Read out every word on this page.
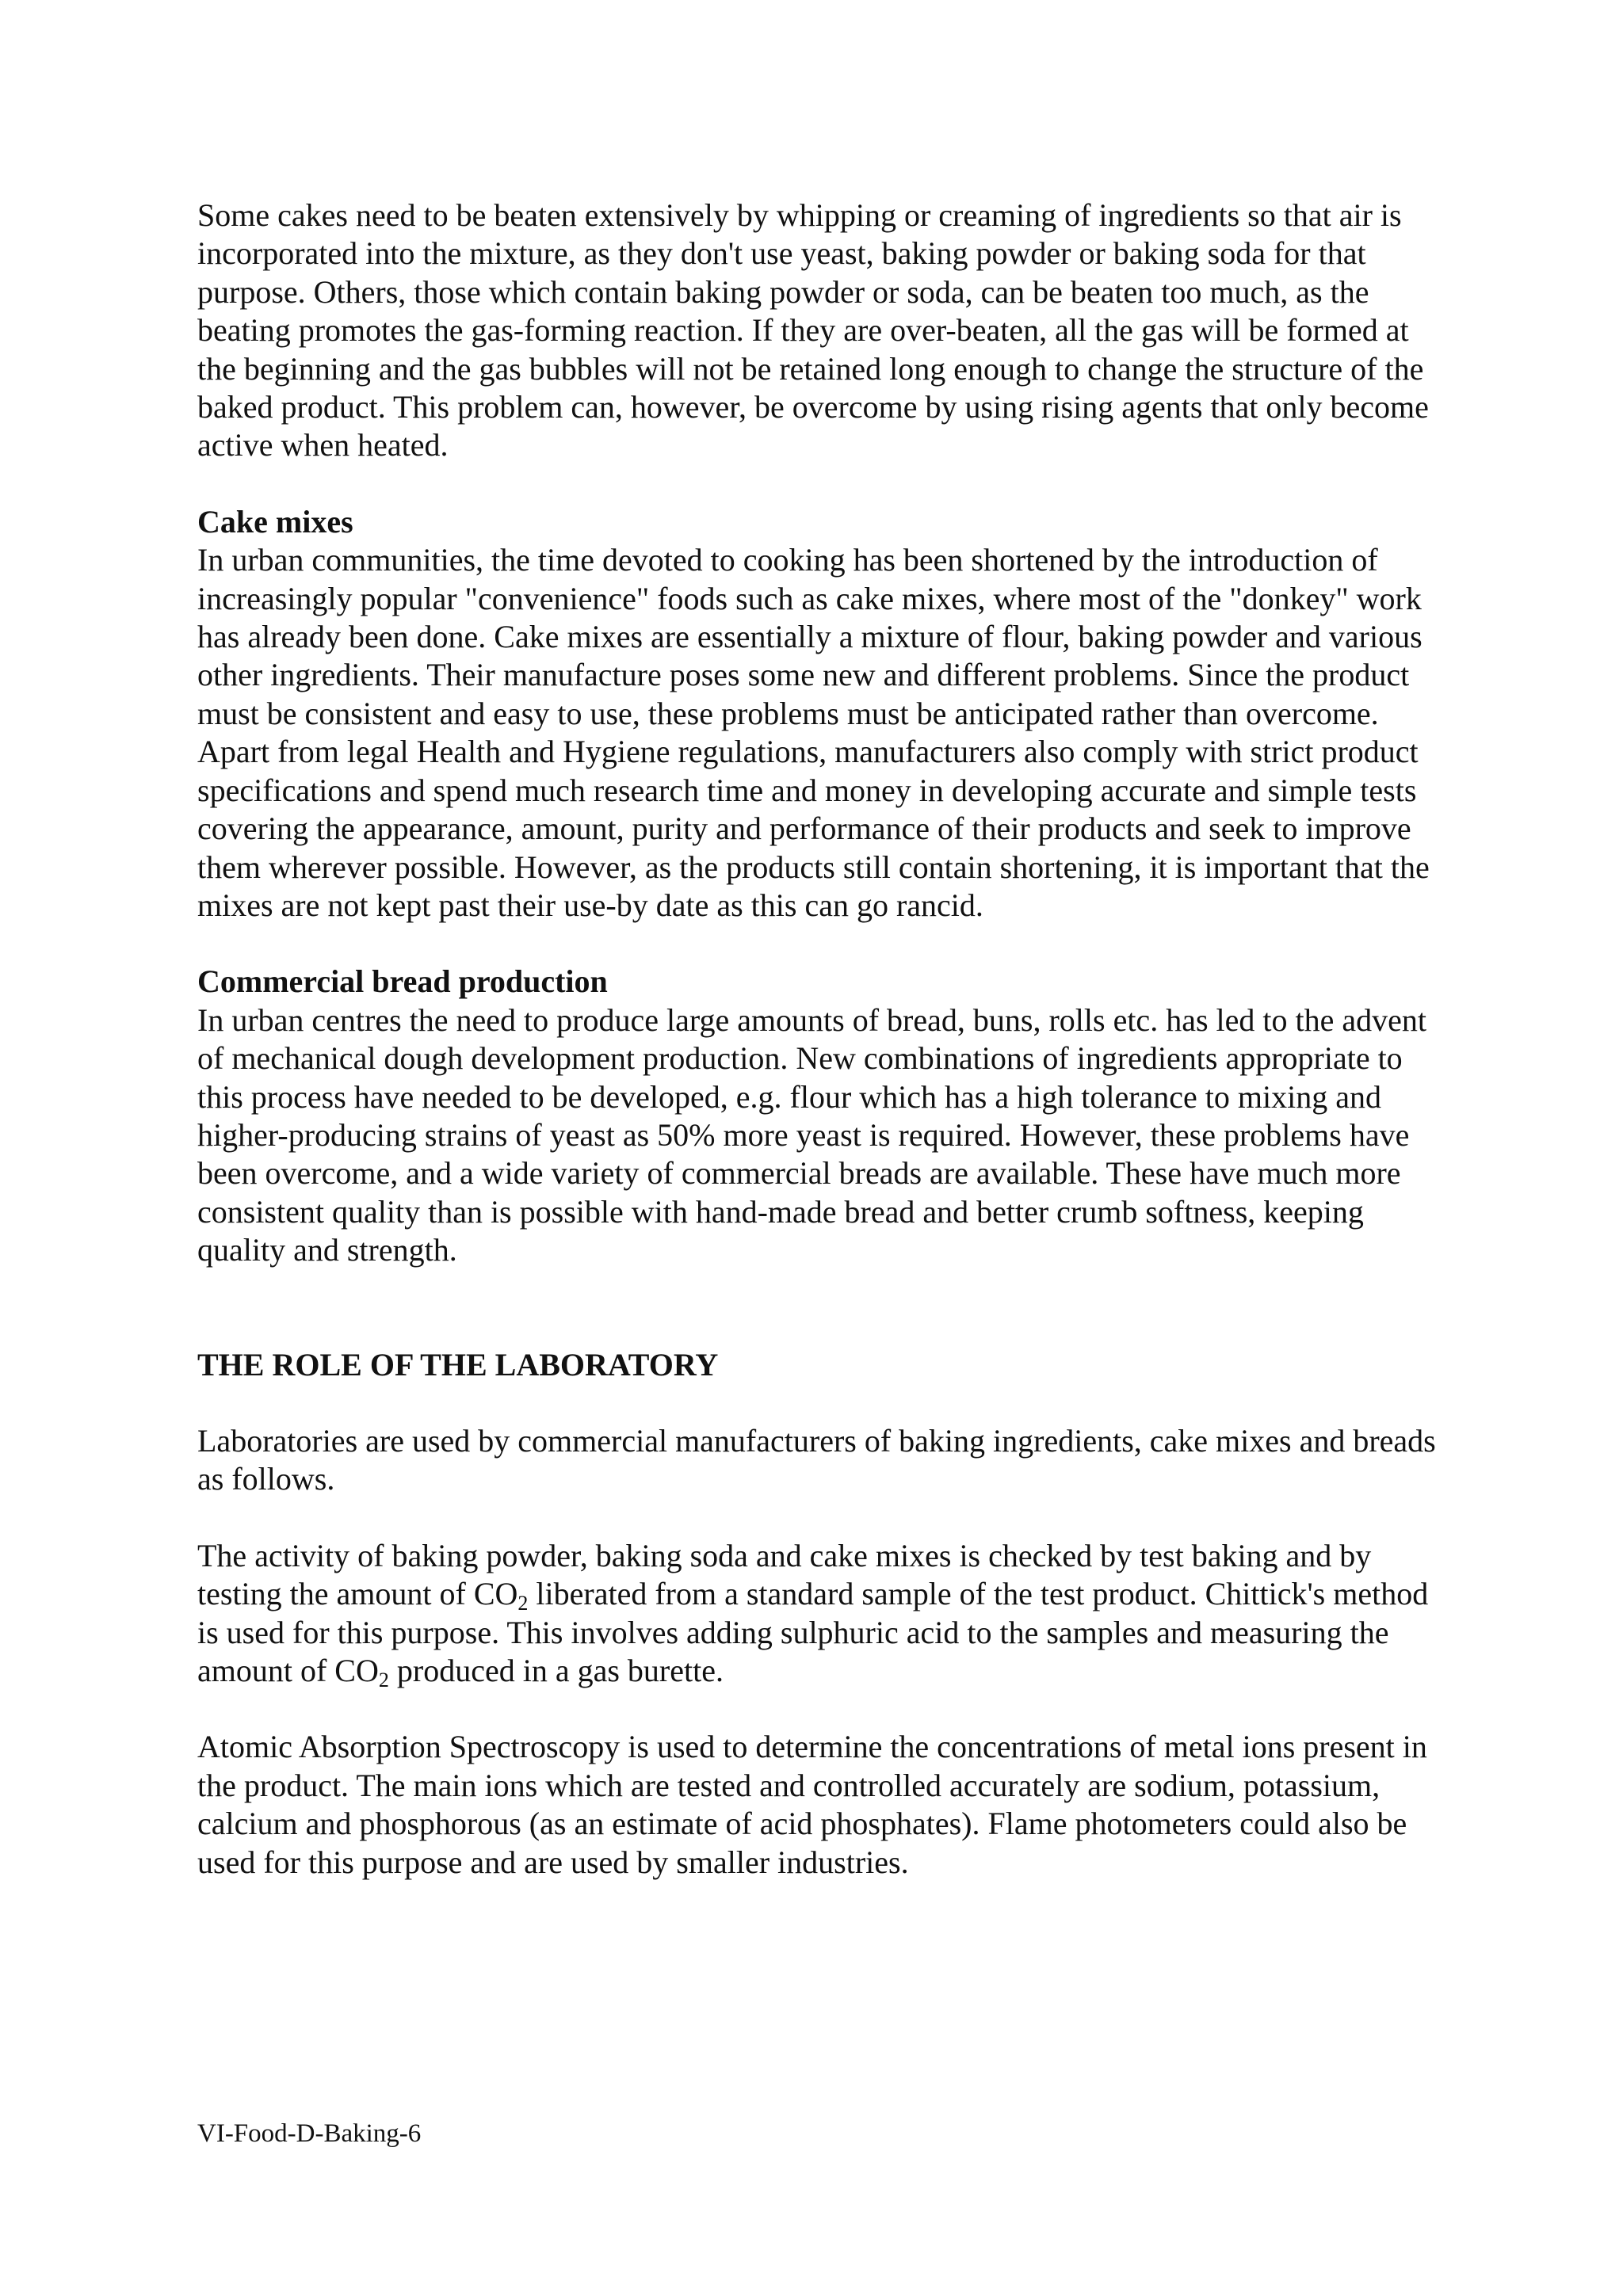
Some cakes need to be beaten extensively by whipping or creaming of ingredients so that air is incorporated into the mixture, as they don't use yeast, baking powder or baking soda for that purpose. Others, those which contain baking powder or soda, can be beaten too much, as the beating promotes the gas-forming reaction. If they are over-beaten, all the gas will be formed at the beginning and the gas bubbles will not be retained long enough to change the structure of the baked product. This problem can, however, be overcome by using rising agents that only become active when heated.

Cake mixes

In urban communities, the time devoted to cooking has been shortened by the introduction of increasingly popular "convenience" foods such as cake mixes, where most of the "donkey" work has already been done. Cake mixes are essentially a mixture of flour, baking powder and various other ingredients. Their manufacture poses some new and different problems. Since the product must be consistent and easy to use, these problems must be anticipated rather than overcome. Apart from legal Health and Hygiene regulations, manufacturers also comply with strict product specifications and spend much research time and money in developing accurate and simple tests covering the appearance, amount, purity and performance of their products and seek to improve them wherever possible. However, as the products still contain shortening, it is important that the mixes are not kept past their use-by date as this can go rancid.

Commercial bread production

In urban centres the need to produce large amounts of bread, buns, rolls etc. has led to the advent of mechanical dough development production. New combinations of ingredients appropriate to this process have needed to be developed, e.g. flour which has a high tolerance to mixing and higher-producing strains of yeast as 50% more yeast is required. However, these problems have been overcome, and a wide variety of commercial breads are available. These have much more consistent quality than is possible with hand-made bread and better crumb softness, keeping quality and strength.

THE ROLE OF THE LABORATORY

Laboratories are used by commercial manufacturers of baking ingredients, cake mixes and breads as follows.

The activity of baking powder, baking soda and cake mixes is checked by test baking and by testing the amount of $CO_2$ liberated from a standard sample of the test product. Chittick's method is used for this purpose. This involves adding sulphuric acid to the samples and measuring the amount of $CO_2$ produced in a gas burette.

Atomic Absorption Spectroscopy is used to determine the concentrations of metal ions present in the product. The main ions which are tested and controlled accurately are sodium, potassium, calcium and phosphorous (as an estimate of acid phosphates). Flame photometers could also be used for this purpose and are used by smaller industries.

VI-Food-D-Baking-6
